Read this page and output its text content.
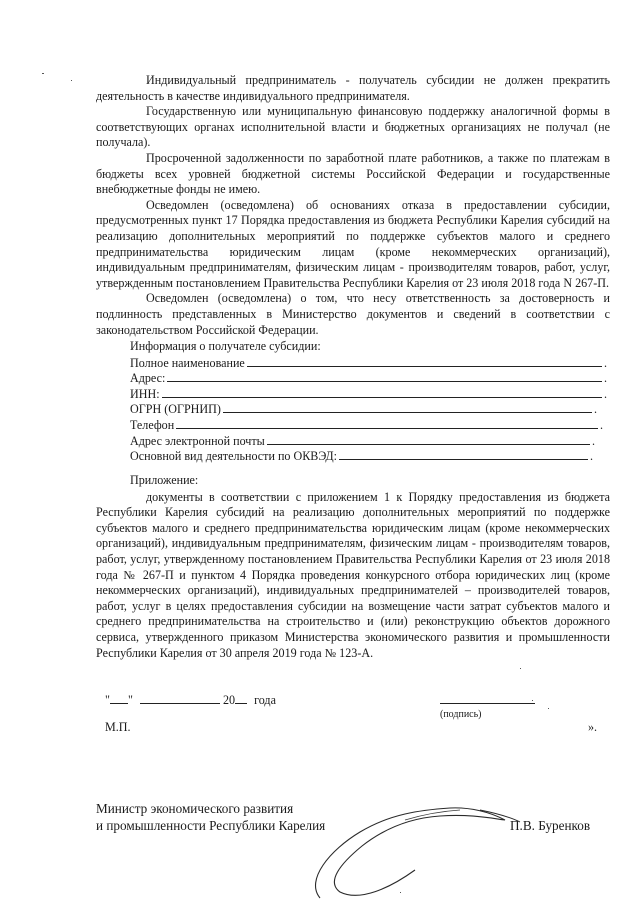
Индивидуальный предприниматель - получатель субсидии не должен прекратить деятельность в качестве индивидуального предпринимателя.

Государственную или муниципальную финансовую поддержку аналогичной формы в соответствующих органах исполнительной власти и бюджетных организациях не получал (не получала).

Просроченной задолженности по заработной плате работников, а также по платежам в бюджеты всех уровней бюджетной системы Российской Федерации и государственные внебюджетные фонды не имею.

Осведомлен (осведомлена) об основаниях отказа в предоставлении субсидии, предусмотренных пункт 17 Порядка предоставления из бюджета Республики Карелия субсидий на реализацию дополнительных мероприятий по поддержке субъектов малого и среднего предпринимательства юридическим лицам (кроме некоммерческих организаций), индивидуальным предпринимателям, физическим лицам - производителям товаров, работ, услуг, утвержденным постановлением Правительства Республики Карелия от 23 июля 2018 года N 267-П.

Осведомлен (осведомлена) о том, что несу ответственность за достоверность и подлинность представленных в Министерство документов и сведений в соответствии с законодательством Российской Федерации.

Информация о получателе субсидии:
Полное наименование	.
Адрес:	.
ИНН:	.
ОГРН (ОГРНИП)	.
Телефон	.
Адрес электронной почты	.
Основной вид деятельности по ОКВЭД:	.

Приложение:

документы в соответствии с приложением 1 к Порядку предоставления из бюджета Республики Карелия субсидий на реализацию дополнительных мероприятий по поддержке субъектов малого и среднего предпринимательства юридическим лицам (кроме некоммерческих организаций), индивидуальным предпринимателям, физическим лицам - производителям товаров, работ, услуг, утвержденному постановлением Правительства Республики Карелия от 23 июля 2018 года № 267-П и пунктом 4 Порядка проведения конкурсного отбора юридических лиц (кроме некоммерческих организаций), индивидуальных предпринимателей – производителей товаров, работ, услуг в целях предоставления субсидии на возмещение части затрат субъектов малого и среднего предпринимательства на строительство и (или) реконструкцию объектов дорожного сервиса, утвержденного приказом Министерства экономического развития и промышленности Республики Карелия от 30 апреля 2019 года № 123-А.

" "	20 года
(подпись)
М.П.	».
Министр экономического развития
и промышленности Республики Карелия	П.В. Буренков
